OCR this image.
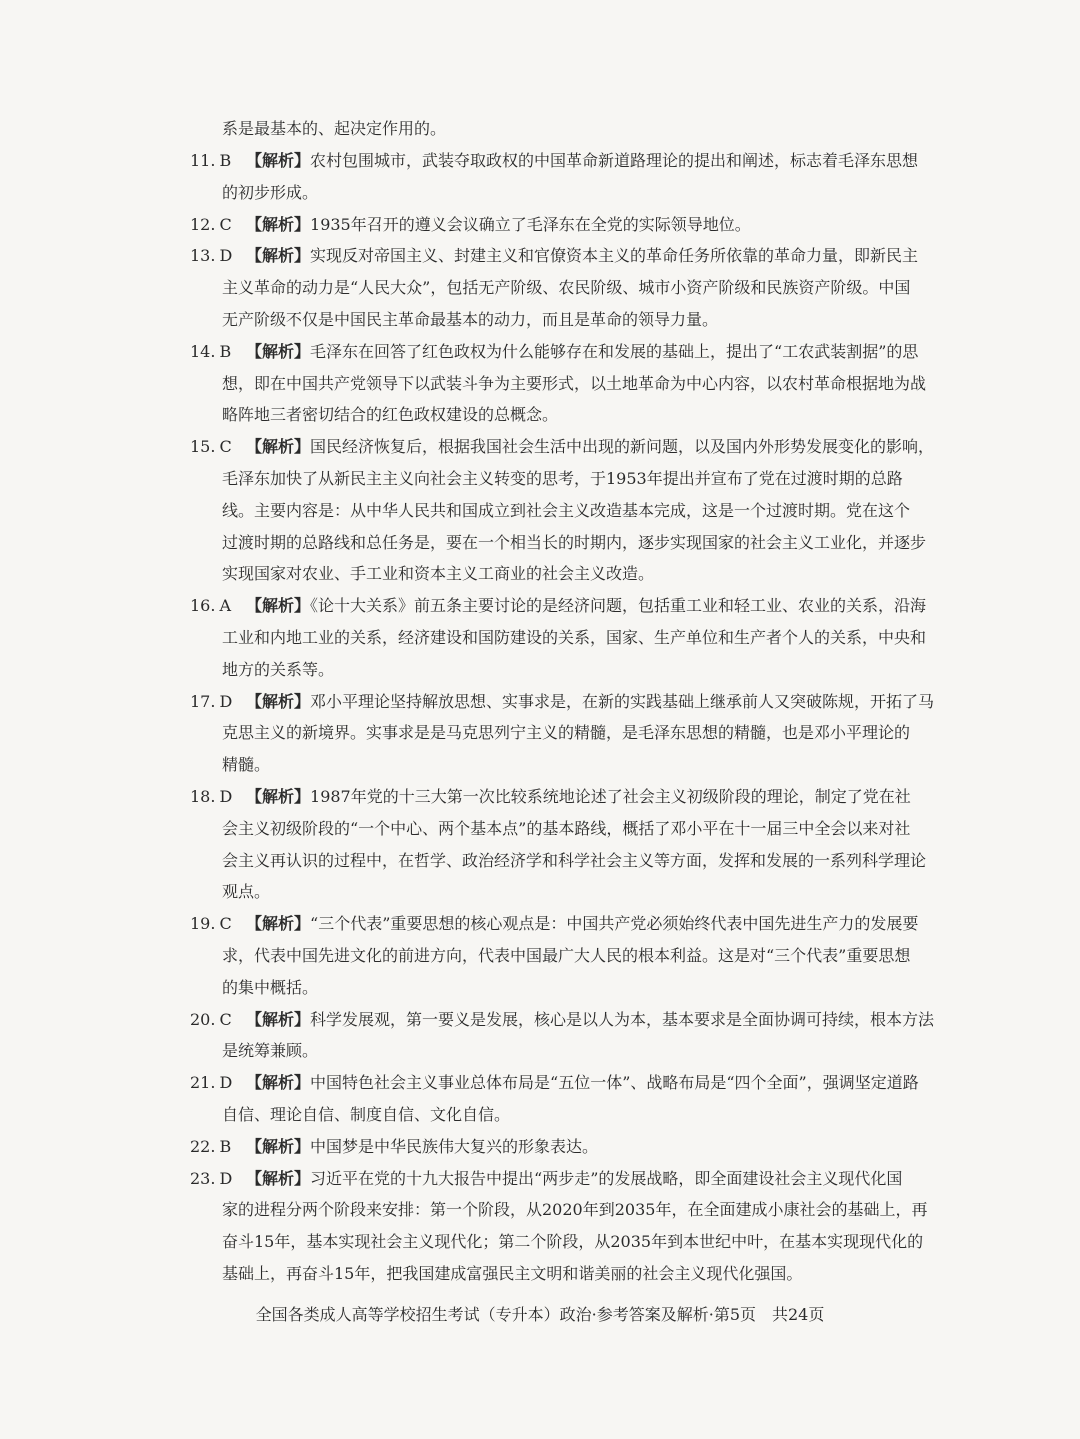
系是最基本的、起决定作用的。
11. B 【解析】农村包围城市，武装夺取政权的中国革命新道路理论的提出和阐述，标志着毛泽东思想
的初步形成。
12. C 【解析】1935年召开的遵义会议确立了毛泽东在全党的实际领导地位。
13. D 【解析】实现反对帝国主义、封建主义和官僚资本主义的革命任务所依靠的革命力量，即新民主
主义革命的动力是“人民大众”，包括无产阶级、农民阶级、城市小资产阶级和民族资产阶级。中国
无产阶级不仅是中国民主革命最基本的动力，而且是革命的领导力量。
14. B 【解析】毛泽东在回答了红色政权为什么能够存在和发展的基础上，提出了“工农武装割据”的思
想，即在中国共产党领导下以武装斗争为主要形式，以土地革命为中心内容，以农村革命根据地为战
略阵地三者密切结合的红色政权建设的总概念。
15. C 【解析】国民经济恢复后，根据我国社会生活中出现的新问题，以及国内外形势发展变化的影响，
毛泽东加快了从新民主主义向社会主义转变的思考，于1953年提出并宣布了党在过渡时期的总路
线。主要内容是：从中华人民共和国成立到社会主义改造基本完成，这是一个过渡时期。党在这个
过渡时期的总路线和总任务是，要在一个相当长的时期内，逐步实现国家的社会主义工业化，并逐步
实现国家对农业、手工业和资本主义工商业的社会主义改造。
16. A 【解析】《论十大关系》前五条主要讨论的是经济问题，包括重工业和轻工业、农业的关系，沿海
工业和内地工业的关系，经济建设和国防建设的关系，国家、生产单位和生产者个人的关系，中央和
地方的关系等。
17. D 【解析】邓小平理论坚持解放思想、实事求是，在新的实践基础上继承前人又突破陈规，开拓了马
克思主义的新境界。实事求是是马克思列宁主义的精髓，是毛泽东思想的精髓，也是邓小平理论的
精髓。
18. D 【解析】1987年党的十三大第一次比较系统地论述了社会主义初级阶段的理论，制定了党在社
会主义初级阶段的“一个中心、两个基本点”的基本路线，概括了邓小平在十一届三中全会以来对社
会主义再认识的过程中，在哲学、政治经济学和科学社会主义等方面，发挥和发展的一系列科学理论
观点。
19. C 【解析】“三个代表”重要思想的核心观点是：中国共产党必须始终代表中国先进生产力的发展要
求，代表中国先进文化的前进方向，代表中国最广大人民的根本利益。这是对“三个代表”重要思想
的集中概括。
20. C 【解析】科学发展观，第一要义是发展，核心是以人为本，基本要求是全面协调可持续，根本方法
是统筹兼顾。
21. D 【解析】中国特色社会主义事业总体布局是“五位一体”、战略布局是“四个全面”，强调坚定道路
自信、理论自信、制度自信、文化自信。
22. B 【解析】中国梦是中华民族伟大复兴的形象表达。
23. D 【解析】习近平在党的十九大报告中提出“两步走”的发展战略，即全面建设社会主义现代化国
家的进程分两个阶段来安排：第一个阶段，从2020年到2035年，在全面建成小康社会的基础上，再
奋斗15年，基本实现社会主义现代化；第二个阶段，从2035年到本世纪中叶，在基本实现现代化的
基础上，再奋斗15年，把我国建成富强民主文明和谐美丽的社会主义现代化强国。
全国各类成人高等学校招生考试（专升本）政治·参考答案及解析·第5页　共24页
